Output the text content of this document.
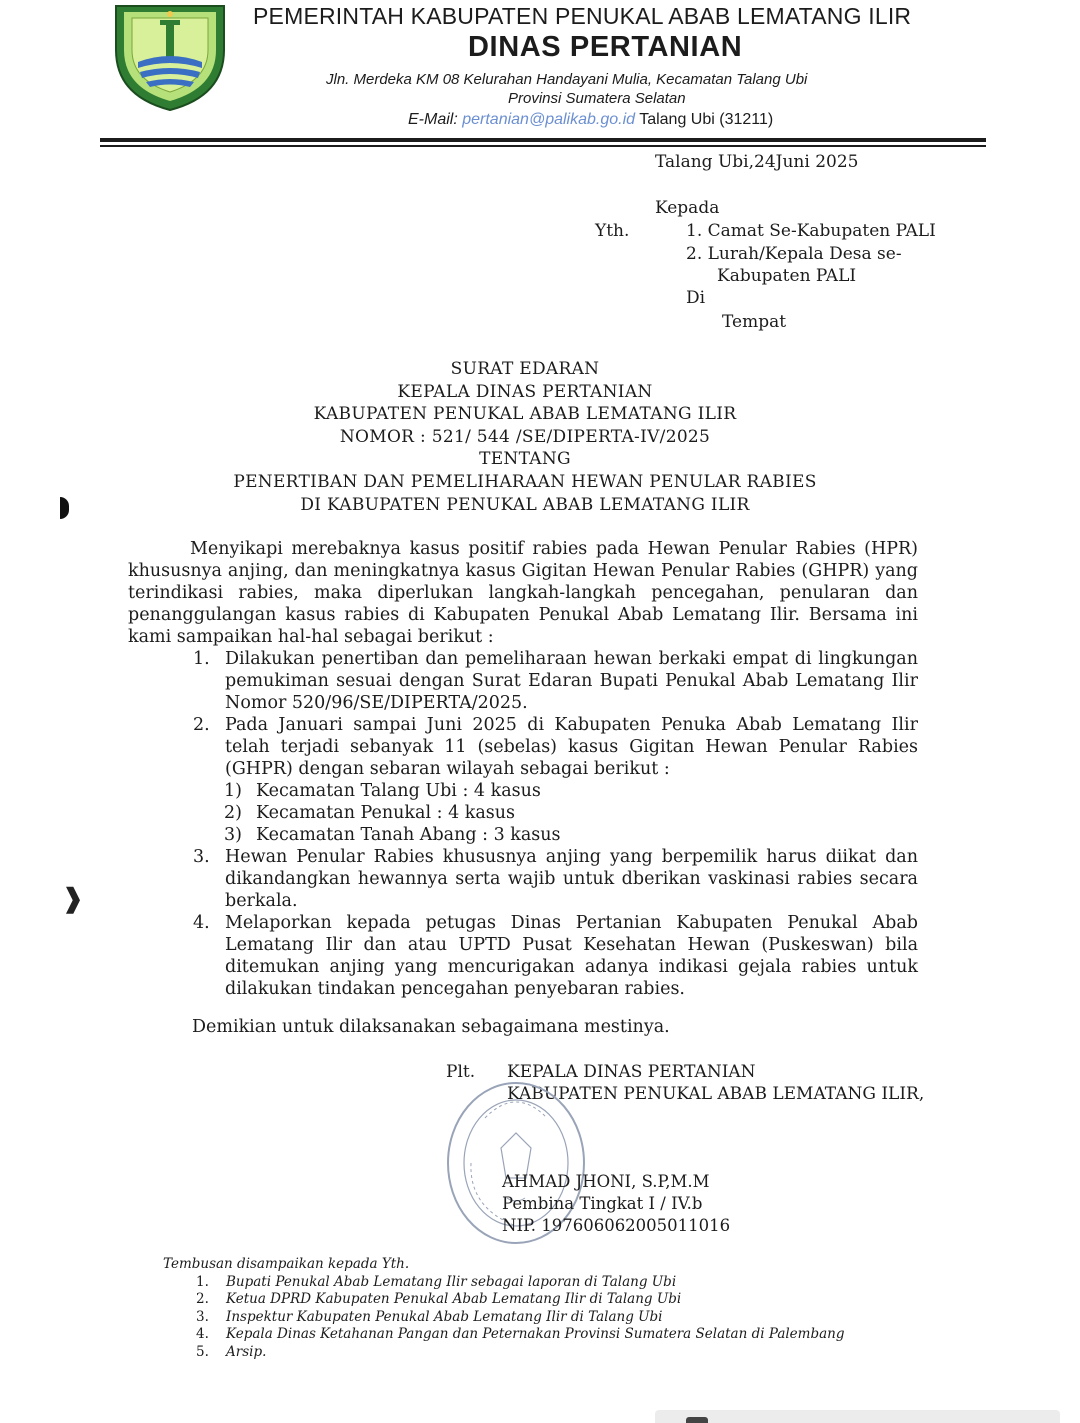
PEMERINTAH KABUPATEN PENUKAL ABAB LEMATANG ILIR
DINAS PERTANIAN
Jln. Merdeka KM 08 Kelurahan Handayani Mulia, Kecamatan Talang Ubi
Provinsi Sumatera Selatan
E-Mail: pertanian@palikab.go.id Talang Ubi (31211)
Talang Ubi,24Juni 2025
Kepada
Yth.	1. Camat Se-Kabupaten PALI
2. Lurah/Kepala Desa se-
Kabupaten PALI
Di
Tempat
SURAT EDARAN
KEPALA DINAS PERTANIAN
KABUPATEN PENUKAL ABAB LEMATANG ILIR
NOMOR : 521/ 544 /SE/DIPERTA-IV/2025
TENTANG
PENERTIBAN DAN PEMELIHARAAN HEWAN PENULAR RABIES
DI KABUPATEN PENUKAL ABAB LEMATANG ILIR

Menyikapi merebaknya kasus positif rabies pada Hewan Penular Rabies (HPR) khususnya anjing, dan meningkatnya kasus Gigitan Hewan Penular Rabies (GHPR) yang terindikasi rabies, maka diperlukan langkah-langkah pencegahan, penularan dan penanggulangan kasus rabies di Kabupaten Penukal Abab Lematang Ilir. Bersama ini kami sampaikan hal-hal sebagai berikut :

1. Dilakukan penertiban dan pemeliharaan hewan berkaki empat di lingkungan pemukiman sesuai dengan Surat Edaran Bupati Penukal Abab Lematang Ilir Nomor 520/96/SE/DIPERTA/2025.
2. Pada Januari sampai Juni 2025 di Kabupaten Penuka Abab Lematang Ilir telah terjadi sebanyak 11 (sebelas) kasus Gigitan Hewan Penular Rabies (GHPR) dengan sebaran wilayah sebagai berikut :
1) Kecamatan Talang Ubi : 4 kasus
2) Kecamatan Penukal : 4 kasus
3) Kecamatan Tanah Abang : 3 kasus
3. Hewan Penular Rabies khususnya anjing yang berpemilik harus diikat dan dikandangkan hewannya serta wajib untuk dberikan vaskinasi rabies secara berkala.
4. Melaporkan kepada petugas Dinas Pertanian Kabupaten Penukal Abab Lematang Ilir dan atau UPTD Pusat Kesehatan Hewan (Puskeswan) bila ditemukan anjing yang mencurigakan adanya indikasi gejala rabies untuk dilakukan tindakan pencegahan penyebaran rabies.
Demikian untuk dilaksanakan sebagaimana mestinya.
Plt. KEPALA DINAS PERTANIAN
KABUPATEN PENUKAL ABAB LEMATANG ILIR,
AHMAD JHONI, S.P,M.M
Pembina Tingkat I / IV.b
NIP. 197606062005011016
Tembusan disampaikan kepada Yth.
1. Bupati Penukal Abab Lematang Ilir sebagai laporan di Talang Ubi
2. Ketua DPRD Kabupaten Penukal Abab Lematang Ilir di Talang Ubi
3. Inspektur Kabupaten Penukal Abab Lematang Ilir di Talang Ubi
4. Kepala Dinas Ketahanan Pangan dan Peternakan Provinsi Sumatera Selatan di Palembang
5. Arsip.
❱
